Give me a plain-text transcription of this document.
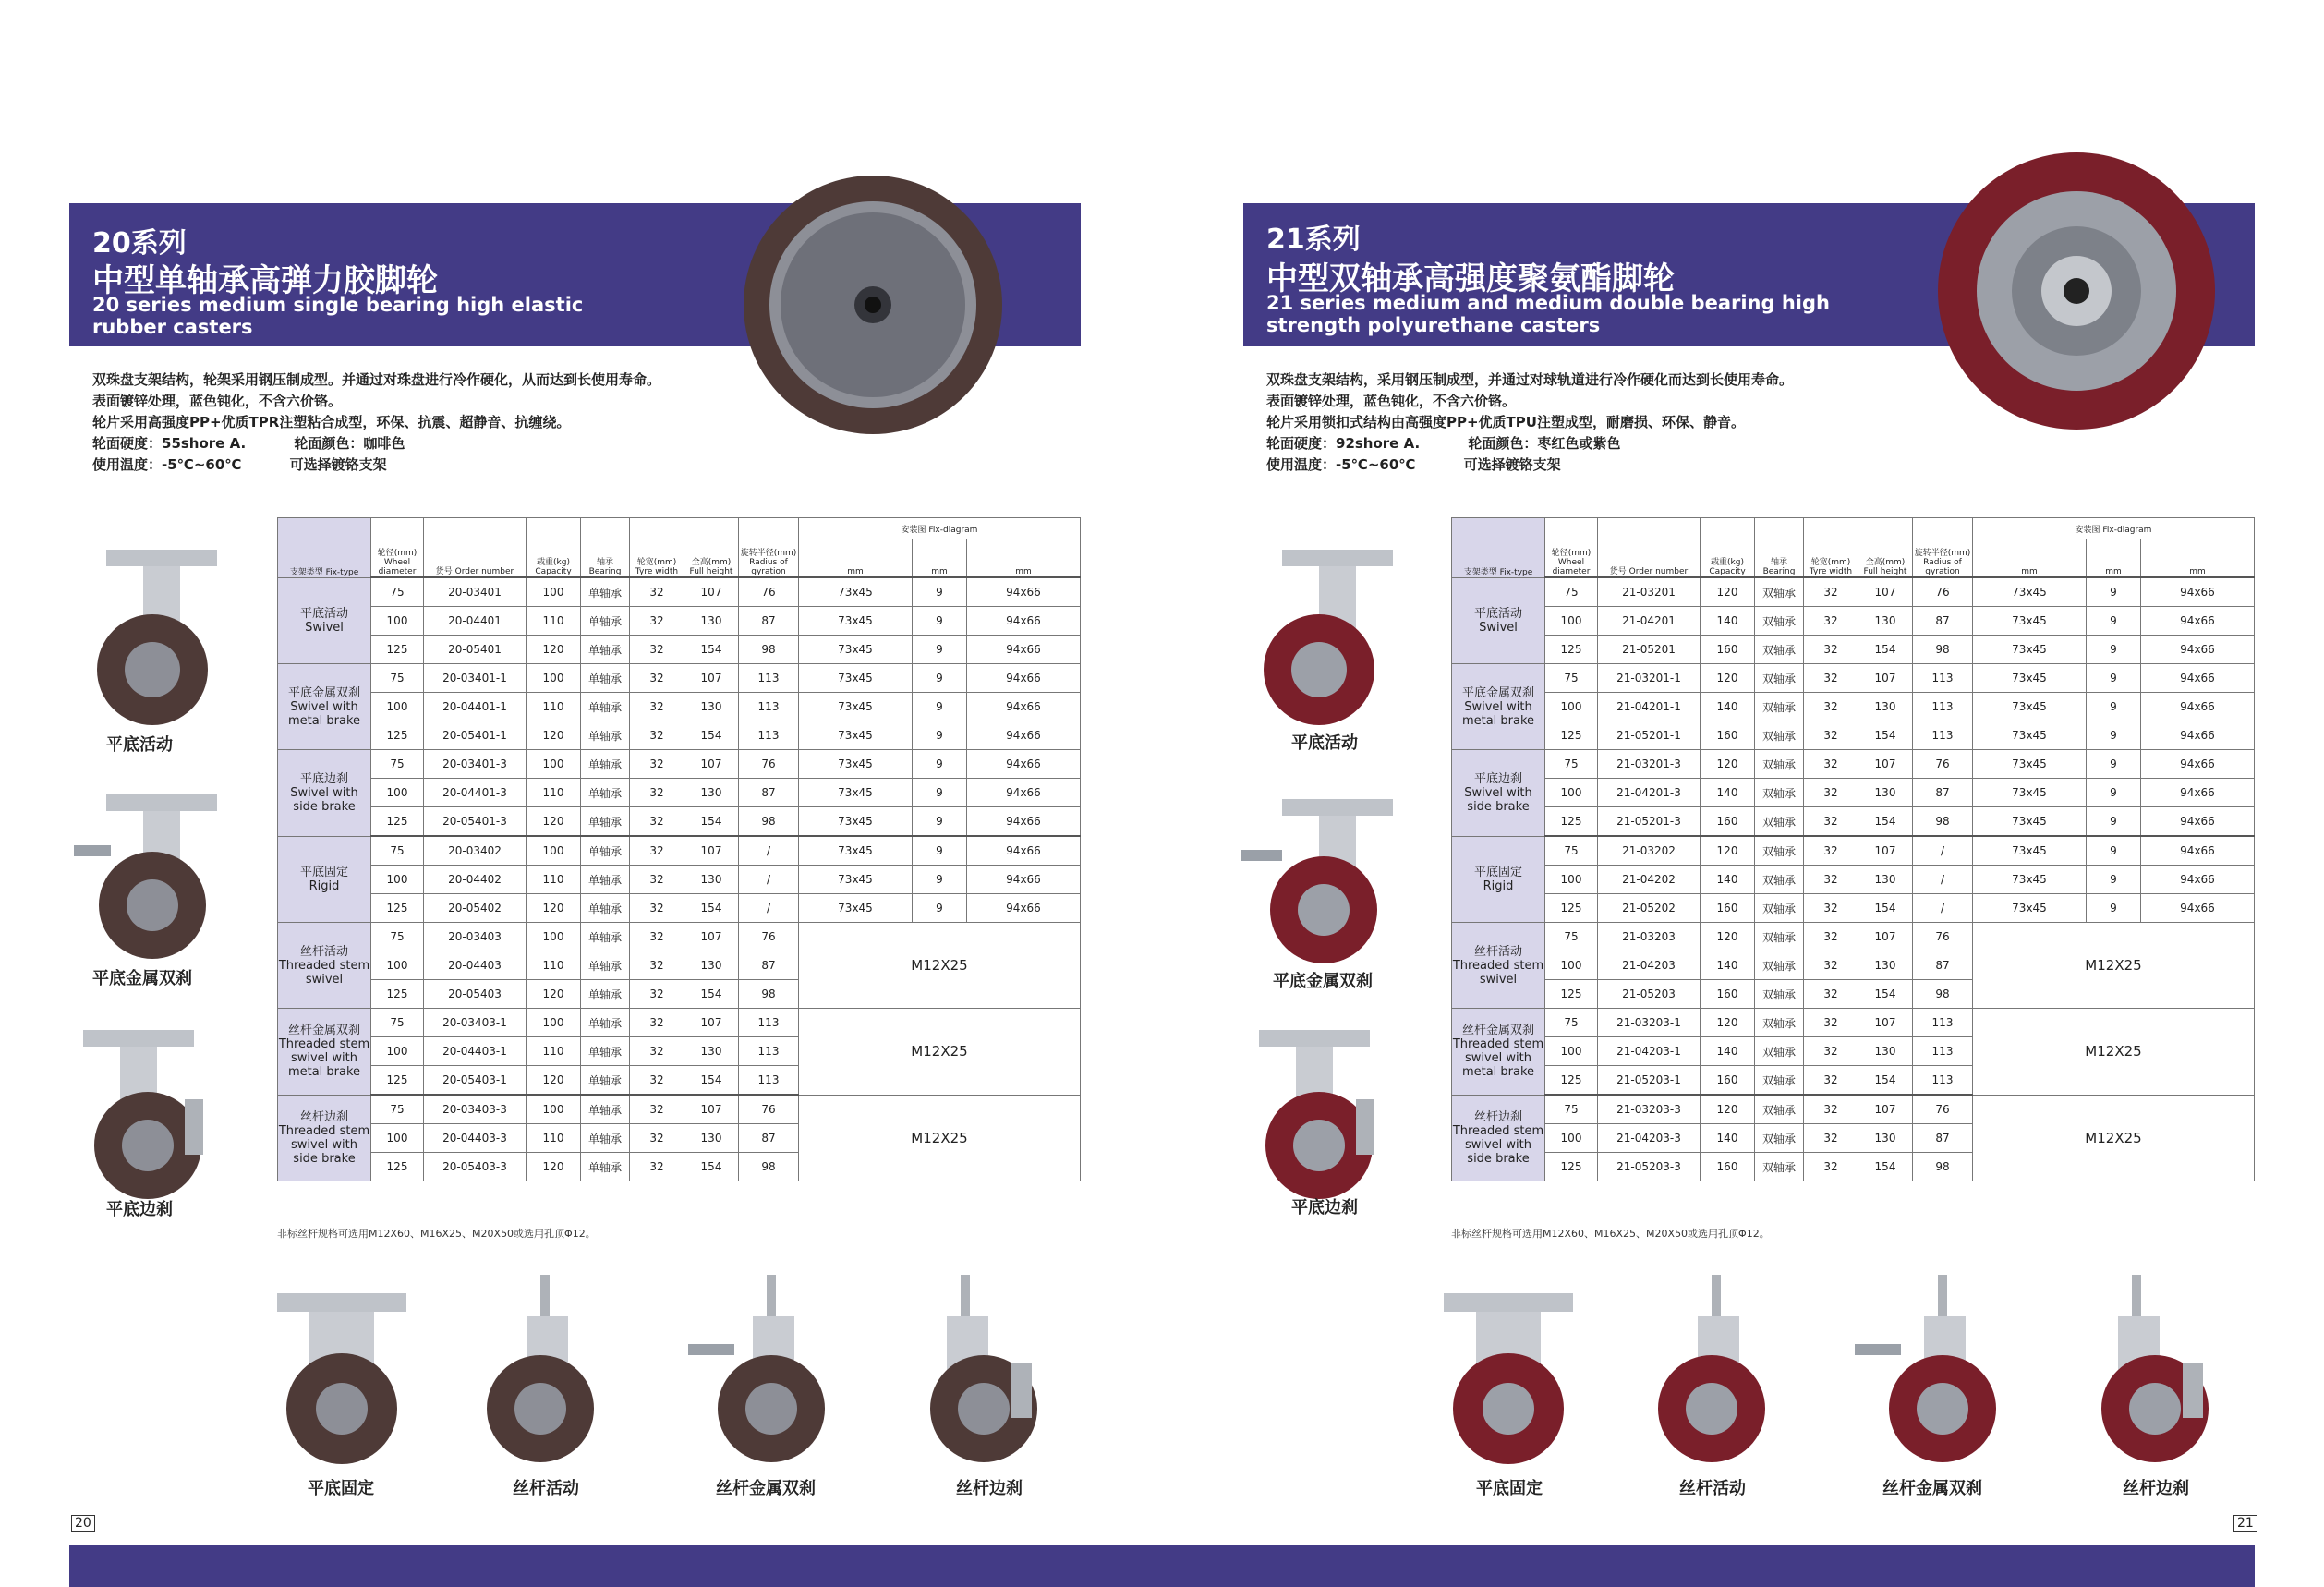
20系列
中型单轴承高弹力胶脚轮
20 series medium single bearing high elastic
rubber casters
双珠盘支架结构，轮架采用钢压制成型。并通过对珠盘进行冷作硬化，从而达到长使用寿命。
表面镀锌处理，蓝色钝化，不含六价铬。
轮片采用高强度PP+优质TPR注塑粘合成型，环保、抗震、超静音、抗缠绕。
轮面硬度：55shore A.          轮面颜色：咖啡色
使用温度：-5℃~60℃          可选择镀铬支架
平底活动
平底金属双刹
平底边刹
支架类型 Fix-type	轮径(mm) Wheel diameter	货号 Order number	载重(kg) Capacity	轴承 Bearing	轮宽(mm) Tyre width	全高(mm) Full height	旋转半径(mm) Radius of gyration	安装图 Fix-diagram		
								mm	mm	mm

平底活动
Swivel	75	20-03401	100	单轴承	32	107	76	73x45	9	94x66
	100	20-04401	110	单轴承	32	130	87	73x45	9	94x66
	125	20-05401	120	单轴承	32	154	98	73x45	9	94x66

平底金属双刹
Swivel with metal brake	75	20-03401-1	100	单轴承	32	107	113	73x45	9	94x66
	100	20-04401-1	110	单轴承	32	130	113	73x45	9	94x66
	125	20-05401-1	120	单轴承	32	154	113	73x45	9	94x66

平底边刹
Swivel with side brake	75	20-03401-3	100	单轴承	32	107	76	73x45	9	94x66
	100	20-04401-3	110	单轴承	32	130	87	73x45	9	94x66
	125	20-05401-3	120	单轴承	32	154	98	73x45	9	94x66

平底固定
Rigid	75	20-03402	100	单轴承	32	107	/	73x45	9	94x66
	100	20-04402	110	单轴承	32	130	/	73x45	9	94x66
	125	20-05402	120	单轴承	32	154	/	73x45	9	94x66

丝杆活动
Threaded stem swivel	75	20-03403	100	单轴承	32	107	76	M12X25		
	100	20-04403	110	单轴承	32	130	87			
	125	20-05403	120	单轴承	32	154	98			

丝杆金属双刹
Threaded stem swivel with metal brake	75	20-03403-1	100	单轴承	32	107	113	M12X25		
	100	20-04403-1	110	单轴承	32	130	113			
	125	20-05403-1	120	单轴承	32	154	113			

丝杆边刹
Threaded stem swivel with side brake	75	20-03403-3	100	单轴承	32	107	76	M12X25		
	100	20-04403-3	110	单轴承	32	130	87			
	125	20-05403-3	120	单轴承	32	154	98			
非标丝杆规格可选用M12X60、M16X25、M20X50或选用孔顶Φ12。
平底固定	丝杆活动	丝杆金属双刹	丝杆边刹
20
21系列
中型双轴承高强度聚氨酯脚轮
21 series medium and medium double bearing high
strength polyurethane casters
双珠盘支架结构，采用钢压制成型，并通过对球轨道进行冷作硬化而达到长使用寿命。
表面镀锌处理，蓝色钝化，不含六价铬。
轮片采用锁扣式结构由高强度PP+优质TPU注塑成型，耐磨损、环保、静音。
轮面硬度：92shore A.          轮面颜色：枣红色或紫色
使用温度：-5℃~60℃          可选择镀铬支架
平底活动
平底金属双刹
平底边刹
支架类型 Fix-type	轮径(mm) Wheel diameter	货号 Order number	载重(kg) Capacity	轴承 Bearing	轮宽(mm) Tyre width	全高(mm) Full height	旋转半径(mm) Radius of gyration	安装图 Fix-diagram		
								mm	mm	mm

平底活动
Swivel	75	21-03201	120	双轴承	32	107	76	73x45	9	94x66
	100	21-04201	140	双轴承	32	130	87	73x45	9	94x66
	125	21-05201	160	双轴承	32	154	98	73x45	9	94x66

平底金属双刹
Swivel with metal brake	75	21-03201-1	120	双轴承	32	107	113	73x45	9	94x66
	100	21-04201-1	140	双轴承	32	130	113	73x45	9	94x66
	125	21-05201-1	160	双轴承	32	154	113	73x45	9	94x66

平底边刹
Swivel with side brake	75	21-03201-3	120	双轴承	32	107	76	73x45	9	94x66
	100	21-04201-3	140	双轴承	32	130	87	73x45	9	94x66
	125	21-05201-3	160	双轴承	32	154	98	73x45	9	94x66

平底固定
Rigid	75	21-03202	120	双轴承	32	107	/	73x45	9	94x66
	100	21-04202	140	双轴承	32	130	/	73x45	9	94x66
	125	21-05202	160	双轴承	32	154	/	73x45	9	94x66

丝杆活动
Threaded stem swivel	75	21-03203	120	双轴承	32	107	76	M12X25		
	100	21-04203	140	双轴承	32	130	87			
	125	21-05203	160	双轴承	32	154	98			

丝杆金属双刹
Threaded stem swivel with metal brake	75	21-03203-1	120	双轴承	32	107	113	M12X25		
	100	21-04203-1	140	双轴承	32	130	113			
	125	21-05203-1	160	双轴承	32	154	113			

丝杆边刹
Threaded stem swivel with side brake	75	21-03203-3	120	双轴承	32	107	76	M12X25		
	100	21-04203-3	140	双轴承	32	130	87			
	125	21-05203-3	160	双轴承	32	154	98			
非标丝杆规格可选用M12X60、M16X25、M20X50或选用孔顶Φ12。
平底固定	丝杆活动	丝杆金属双刹	丝杆边刹
21
